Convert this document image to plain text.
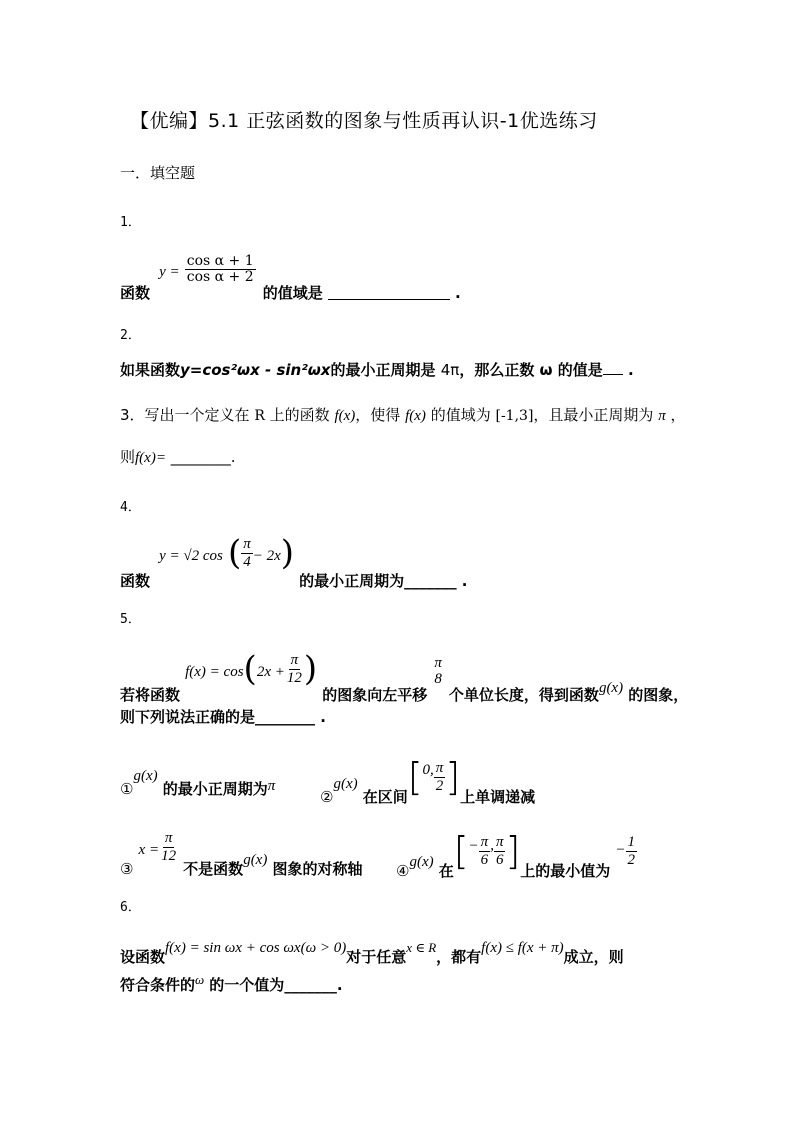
【优编】5.1 正弦函数的图象与性质再认识-1优选练习
一．填空题
1．
函数 $y = \frac{\text{cos α + 1}}{\text{cos α + 2}}$
的值域是	.
2．
如果函数y=cos²ωx - sin²ωx的最小正周期是 4π，那么正数 ω 的值是 .
3．写出一个定义在 R 上的函数 f(x)，使得 f(x) 的值域为 [-1,3]，且最小正周期为 π ，
则f(x)= ________.
4．
函数 y = √2 cos ( $\frac{\pi}{4} - 2x$) 的最小正周期为_______ .
5．
若将函数 $f(x) = \cos(2x + \frac{\pi}{12}$ ) 的图象向左平移
π
8
个单位长度，得到函数g(x) 的图象，
则下列说法正确的是________ .
①g(x) 的最小正周期为π
②g(x) 在区间[0, $\frac{\pi}{2}$ ]上单调递减
③ $x = \frac{\pi}{12}$
不是函数g(x) 图象的对称轴 ④g(x) 在[− $\frac{\pi}{6}$ , $\frac{\pi}{6}$ ]上的最小值为 − $\frac{1}{2}$
6．
设函数f(x) = sin ωx + cos ωx(ω > 0)对于任意x ∈ R，都有f(x) ≤ f(x + π)成立，则
符合条件的ω 的一个值为_______.
